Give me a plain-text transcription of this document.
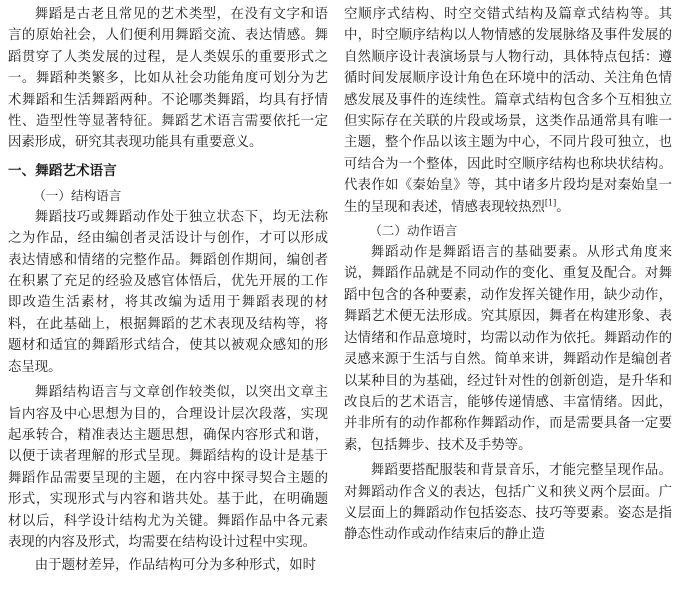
舞蹈是古老且常见的艺术类型，在没有文字和语言的原始社会，人们便利用舞蹈交流、表达情感。舞蹈贯穿了人类发展的过程，是人类娱乐的重要形式之一。舞蹈种类繁多，比如从社会功能角度可划分为艺术舞蹈和生活舞蹈两种。不论哪类舞蹈，均具有抒情性、造型性等显著特征。舞蹈艺术语言需要依托一定因素形成，研究其表现功能具有重要意义。

一、舞蹈艺术语言

（一）结构语言

舞蹈技巧或舞蹈动作处于独立状态下，均无法称之为作品，经由编创者灵活设计与创作，才可以形成表达情感和情绪的完整作品。舞蹈创作期间，编创者在积累了充足的经验及感官体悟后，优先开展的工作即改造生活素材，将其改编为适用于舞蹈表现的材料，在此基础上，根据舞蹈的艺术表现及结构等，将题材和适宜的舞蹈形式结合，使其以被观众感知的形态呈现。

舞蹈结构语言与文章创作较类似，以突出文章主旨内容及中心思想为目的，合理设计层次段落，实现起承转合，精准表达主题思想，确保内容形式和谐，以便于读者理解的形式呈现。舞蹈结构的设计是基于舞蹈作品需要呈现的主题，在内容中探寻契合主题的形式，实现形式与内容和谐共处。基于此，在明确题材以后，科学设计结构尤为关键。舞蹈作品中各元素表现的内容及形式，均需要在结构设计过程中实现。

由于题材差异，作品结构可分为多种形式，如时

空顺序式结构、时空交错式结构及篇章式结构等。其中，时空顺序结构以人物情感的发展脉络及事件发展的自然顺序设计表演场景与人物行动，具体特点包括：遵循时间发展顺序设计角色在环境中的活动、关注角色情感发展及事件的连续性。篇章式结构包含多个互相独立但实际存在关联的片段或场景，这类作品通常具有唯一主题，整个作品以该主题为中心，不同片段可独立，也可结合为一个整体，因此时空顺序结构也称块状结构。代表作如《秦始皇》等，其中诸多片段均是对秦始皇一生的呈现和表述，情感表现较热烈[1]。

（二）动作语言

舞蹈动作是舞蹈语言的基础要素。从形式角度来说，舞蹈作品就是不同动作的变化、重复及配合。对舞蹈中包含的各种要素，动作发挥关键作用，缺少动作，舞蹈艺术便无法形成。究其原因，舞者在构建形象、表达情绪和作品意境时，均需以动作为依托。舞蹈动作的灵感来源于生活与自然。简单来讲，舞蹈动作是编创者以某种目的为基础，经过针对性的创新创造，是升华和改良后的艺术语言，能够传递情感、丰富情绪。因此，并非所有的动作都称作舞蹈动作，而是需要具备一定要素，包括舞步、技术及手势等。

舞蹈要搭配服装和背景音乐，才能完整呈现作品。对舞蹈动作含义的表达，包括广义和狭义两个层面。广义层面上的舞蹈动作包括姿态、技巧等要素。姿态是指静态性动作或动作结束后的静止造
